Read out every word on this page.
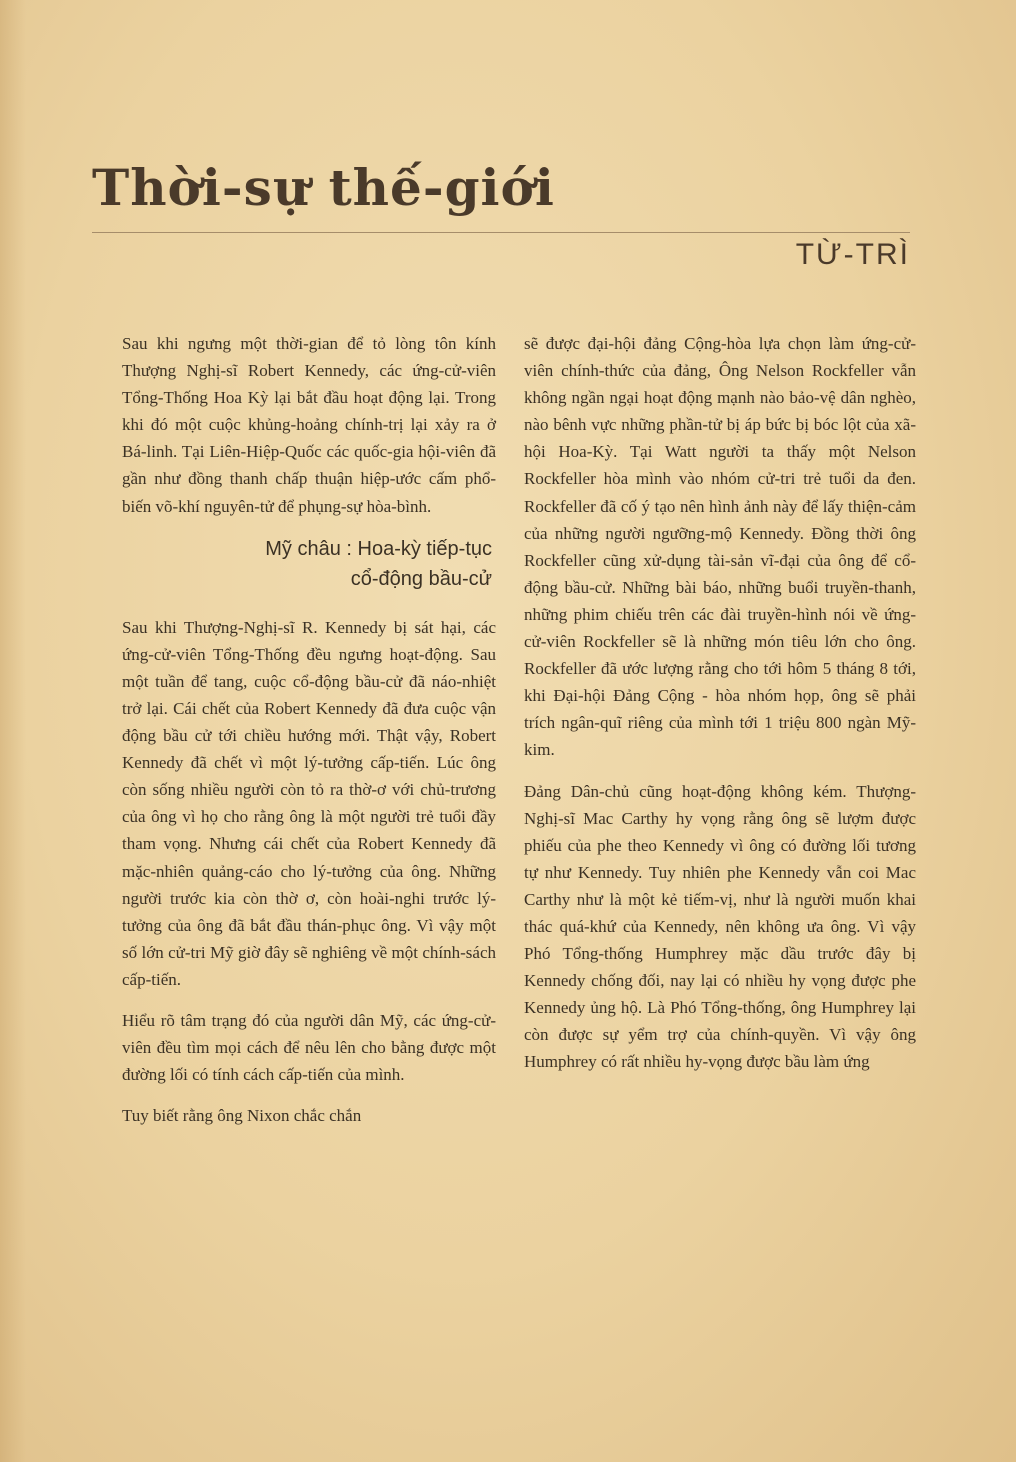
Thời-sự thế-giới
TỪ-TRÌ

Sau khi ngưng một thời-gian để tỏ lòng tôn kính Thượng Nghị-sĩ Robert Kennedy, các ứng-cử-viên Tổng-Thống Hoa Kỳ lại bắt đầu hoạt động lại. Trong khi đó một cuộc khủng-hoảng chính-trị lại xảy ra ở Bá-linh. Tại Liên-Hiệp-Quốc các quốc-gia hội-viên đã gần như đồng thanh chấp thuận hiệp-ước cấm phổ-biến võ-khí nguyên-tử để phụng-sự hòa-bình.

Mỹ châu : Hoa-kỳ tiếp-tục
cổ-động bầu-cử

Sau khi Thượng-Nghị-sĩ R. Kennedy bị sát hại, các ứng-cử-viên Tổng-Thống đều ngưng hoạt-động. Sau một tuần để tang, cuộc cổ-động bầu-cử đã náo-nhiệt trở lại. Cái chết của Robert Kennedy đã đưa cuộc vận động bầu cử tới chiều hướng mới. Thật vậy, Robert Kennedy đã chết vì một lý-tưởng cấp-tiến. Lúc ông còn sống nhiều người còn tỏ ra thờ-ơ với chủ-trương của ông vì họ cho rằng ông là một người trẻ tuổi đầy tham vọng. Nhưng cái chết của Robert Kennedy đã mặc-nhiên quảng-cáo cho lý-tưởng của ông. Những người trước kia còn thờ ơ, còn hoài-nghi trước lý-tưởng của ông đã bắt đầu thán-phục ông. Vì vậy một số lớn cử-tri Mỹ giờ đây sẽ nghiêng về một chính-sách cấp-tiến.

Hiểu rõ tâm trạng đó của người dân Mỹ, các ứng-cử-viên đều tìm mọi cách để nêu lên cho bằng được một đường lối có tính cách cấp-tiến của mình.

Tuy biết rằng ông Nixon chắc chắn

sẽ được đại-hội đảng Cộng-hòa lựa chọn làm ứng-cử-viên chính-thức của đảng, Ông Nelson Rockfeller vẫn không ngần ngại hoạt động mạnh nào bảo-vệ dân nghèo, nào bênh vực những phần-tử bị áp bức bị bóc lột của xã-hội Hoa-Kỳ. Tại Watt người ta thấy một Nelson Rockfeller hòa mình vào nhóm cử-tri trẻ tuổi da đen. Rockfeller đã cố ý tạo nên hình ảnh này để lấy thiện-cảm của những người ngưỡng-mộ Kennedy. Đồng thời ông Rockfeller cũng xử-dụng tài-sản vĩ-đại của ông để cổ-động bầu-cử. Những bài báo, những buổi truyền-thanh, những phim chiếu trên các đài truyền-hình nói về ứng-cử-viên Rockfeller sẽ là những món tiêu lớn cho ông. Rockfeller đã ước lượng rằng cho tới hôm 5 tháng 8 tới, khi Đại-hội Đảng Cộng - hòa nhóm họp, ông sẽ phải trích ngân-quĩ riêng của mình tới 1 triệu 800 ngàn Mỹ-kim.

Đảng Dân-chủ cũng hoạt-động không kém. Thượng-Nghị-sĩ Mac Carthy hy vọng rằng ông sẽ lượm được phiếu của phe theo Kennedy vì ông có đường lối tương tự như Kennedy. Tuy nhiên phe Kennedy vẫn coi Mac Carthy như là một kẻ tiếm-vị, như là người muốn khai thác quá-khứ của Kennedy, nên không ưa ông. Vì vậy Phó Tổng-thống Humphrey mặc dầu trước đây bị Kennedy chống đối, nay lại có nhiều hy vọng được phe Kennedy ủng hộ. Là Phó Tổng-thống, ông Humphrey lại còn được sự yểm trợ của chính-quyền. Vì vậy ông Humphrey có rất nhiều hy-vọng được bầu làm ứng
